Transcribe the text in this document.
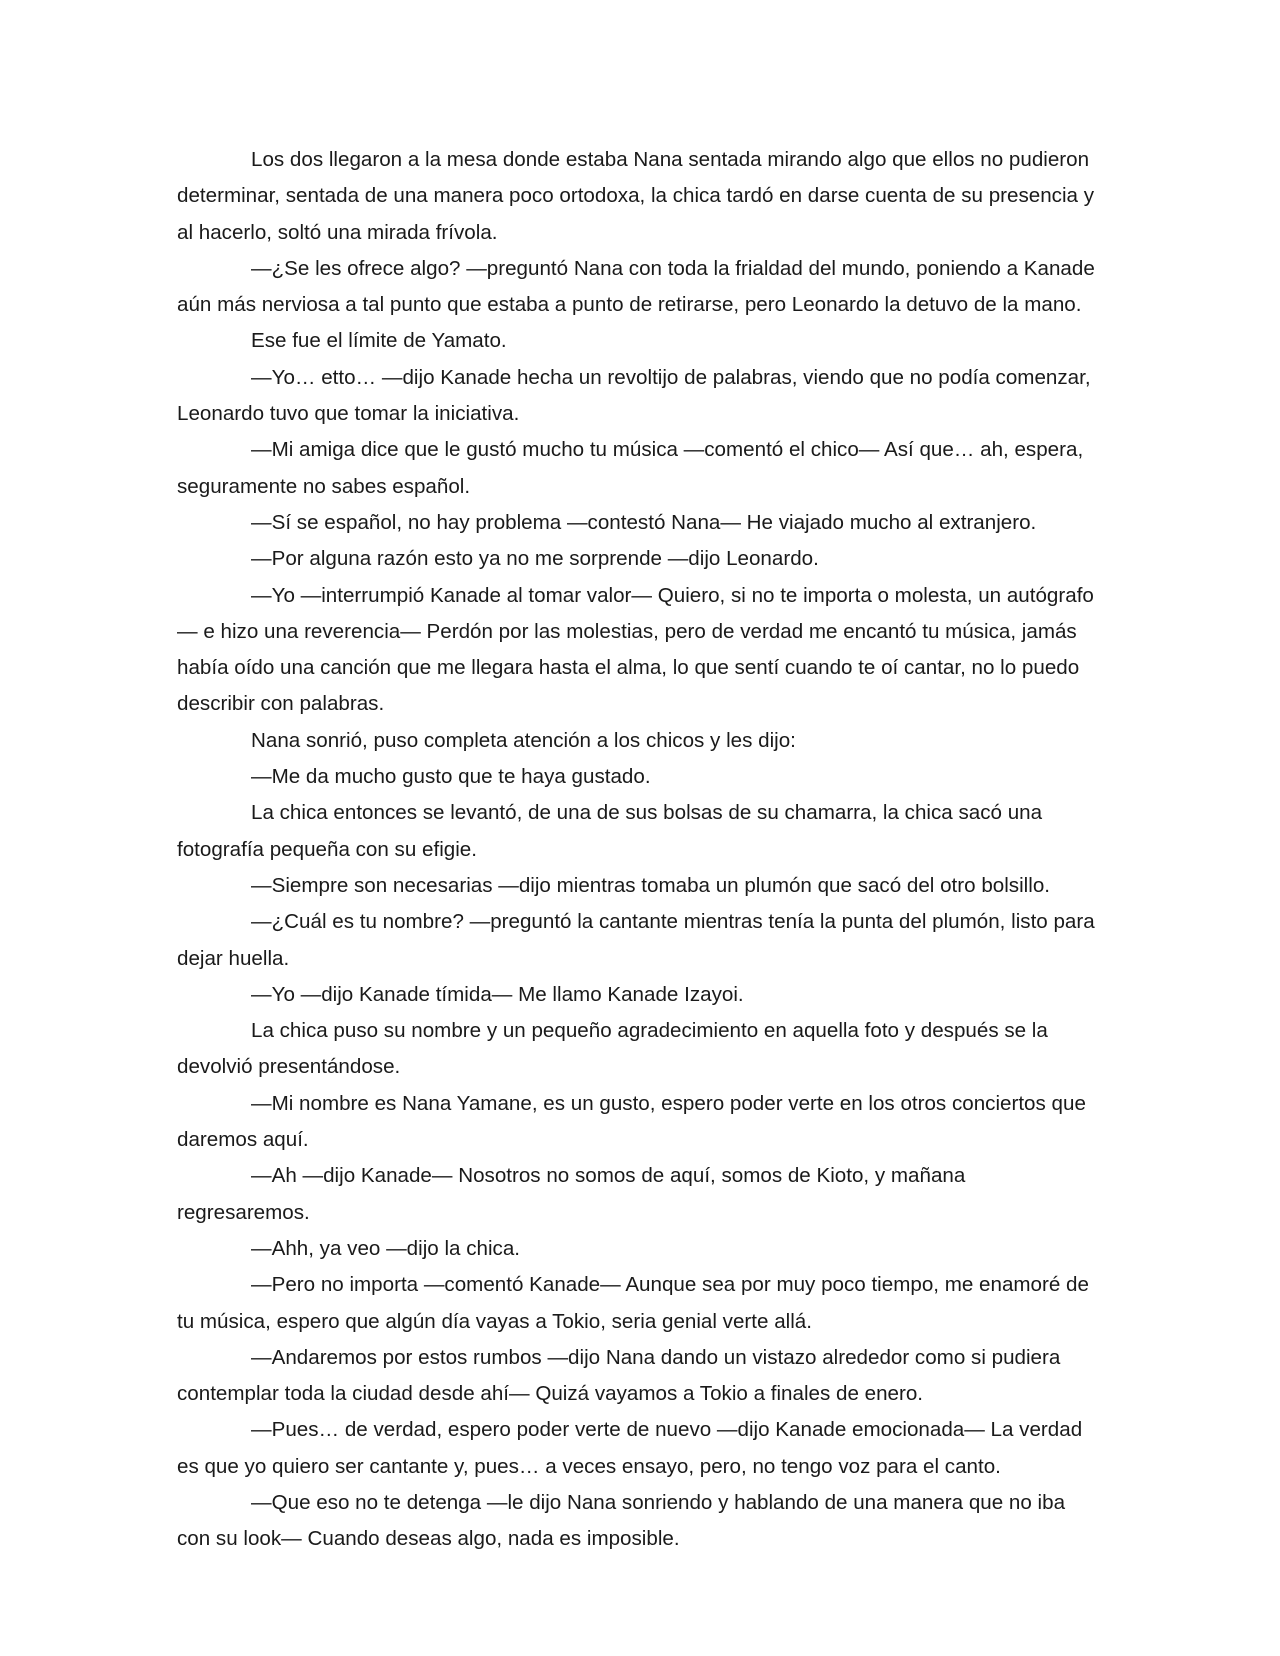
Los dos llegaron a la mesa donde estaba Nana sentada mirando algo que ellos no pudieron determinar, sentada de una manera poco ortodoxa, la chica tardó en darse cuenta de su presencia y al hacerlo, soltó una mirada frívola.

—¿Se les ofrece algo? —preguntó Nana con toda la frialdad del mundo, poniendo a Kanade aún más nerviosa a tal punto que estaba a punto de retirarse, pero Leonardo la detuvo de la mano.

Ese fue el límite de Yamato.

—Yo… etto… —dijo Kanade hecha un revoltijo de palabras, viendo que no podía comenzar, Leonardo tuvo que tomar la iniciativa.

—Mi amiga dice que le gustó mucho tu música —comentó el chico— Así que… ah, espera, seguramente no sabes español.

—Sí se español, no hay problema —contestó Nana— He viajado mucho al extranjero.

—Por alguna razón esto ya no me sorprende —dijo Leonardo.

—Yo —interrumpió Kanade al tomar valor— Quiero, si no te importa o molesta, un autógrafo— e hizo una reverencia— Perdón por las molestias, pero de verdad me encantó tu música, jamás había oído una canción que me llegara hasta el alma, lo que sentí cuando te oí cantar, no lo puedo describir con palabras.

Nana sonrió, puso completa atención a los chicos y les dijo:

—Me da mucho gusto que te haya gustado.

La chica entonces se levantó, de una de sus bolsas de su chamarra, la chica sacó una fotografía pequeña con su efigie.

—Siempre son necesarias —dijo mientras tomaba un plumón que sacó del otro bolsillo.

—¿Cuál es tu nombre? —preguntó la cantante mientras tenía la punta del plumón, listo para dejar huella.

—Yo —dijo Kanade tímida— Me llamo Kanade Izayoi.

La chica puso su nombre y un pequeño agradecimiento en aquella foto y después se la devolvió presentándose.

—Mi nombre es Nana Yamane, es un gusto, espero poder verte en los otros conciertos que daremos aquí.

—Ah —dijo Kanade— Nosotros no somos de aquí, somos de Kioto, y mañana regresaremos.

—Ahh, ya veo —dijo la chica.

—Pero no importa —comentó Kanade— Aunque sea por muy poco tiempo, me enamoré de tu música, espero que algún día vayas a Tokio, seria genial verte allá.

—Andaremos por estos rumbos —dijo Nana dando un vistazo alrededor como si pudiera contemplar toda la ciudad desde ahí— Quizá vayamos a Tokio a finales de enero.

—Pues… de verdad, espero poder verte de nuevo —dijo Kanade emocionada— La verdad es que yo quiero ser cantante y, pues… a veces ensayo, pero, no tengo voz para el canto.

—Que eso no te detenga —le dijo Nana sonriendo y hablando de una manera que no iba con su look— Cuando deseas algo, nada es imposible.
